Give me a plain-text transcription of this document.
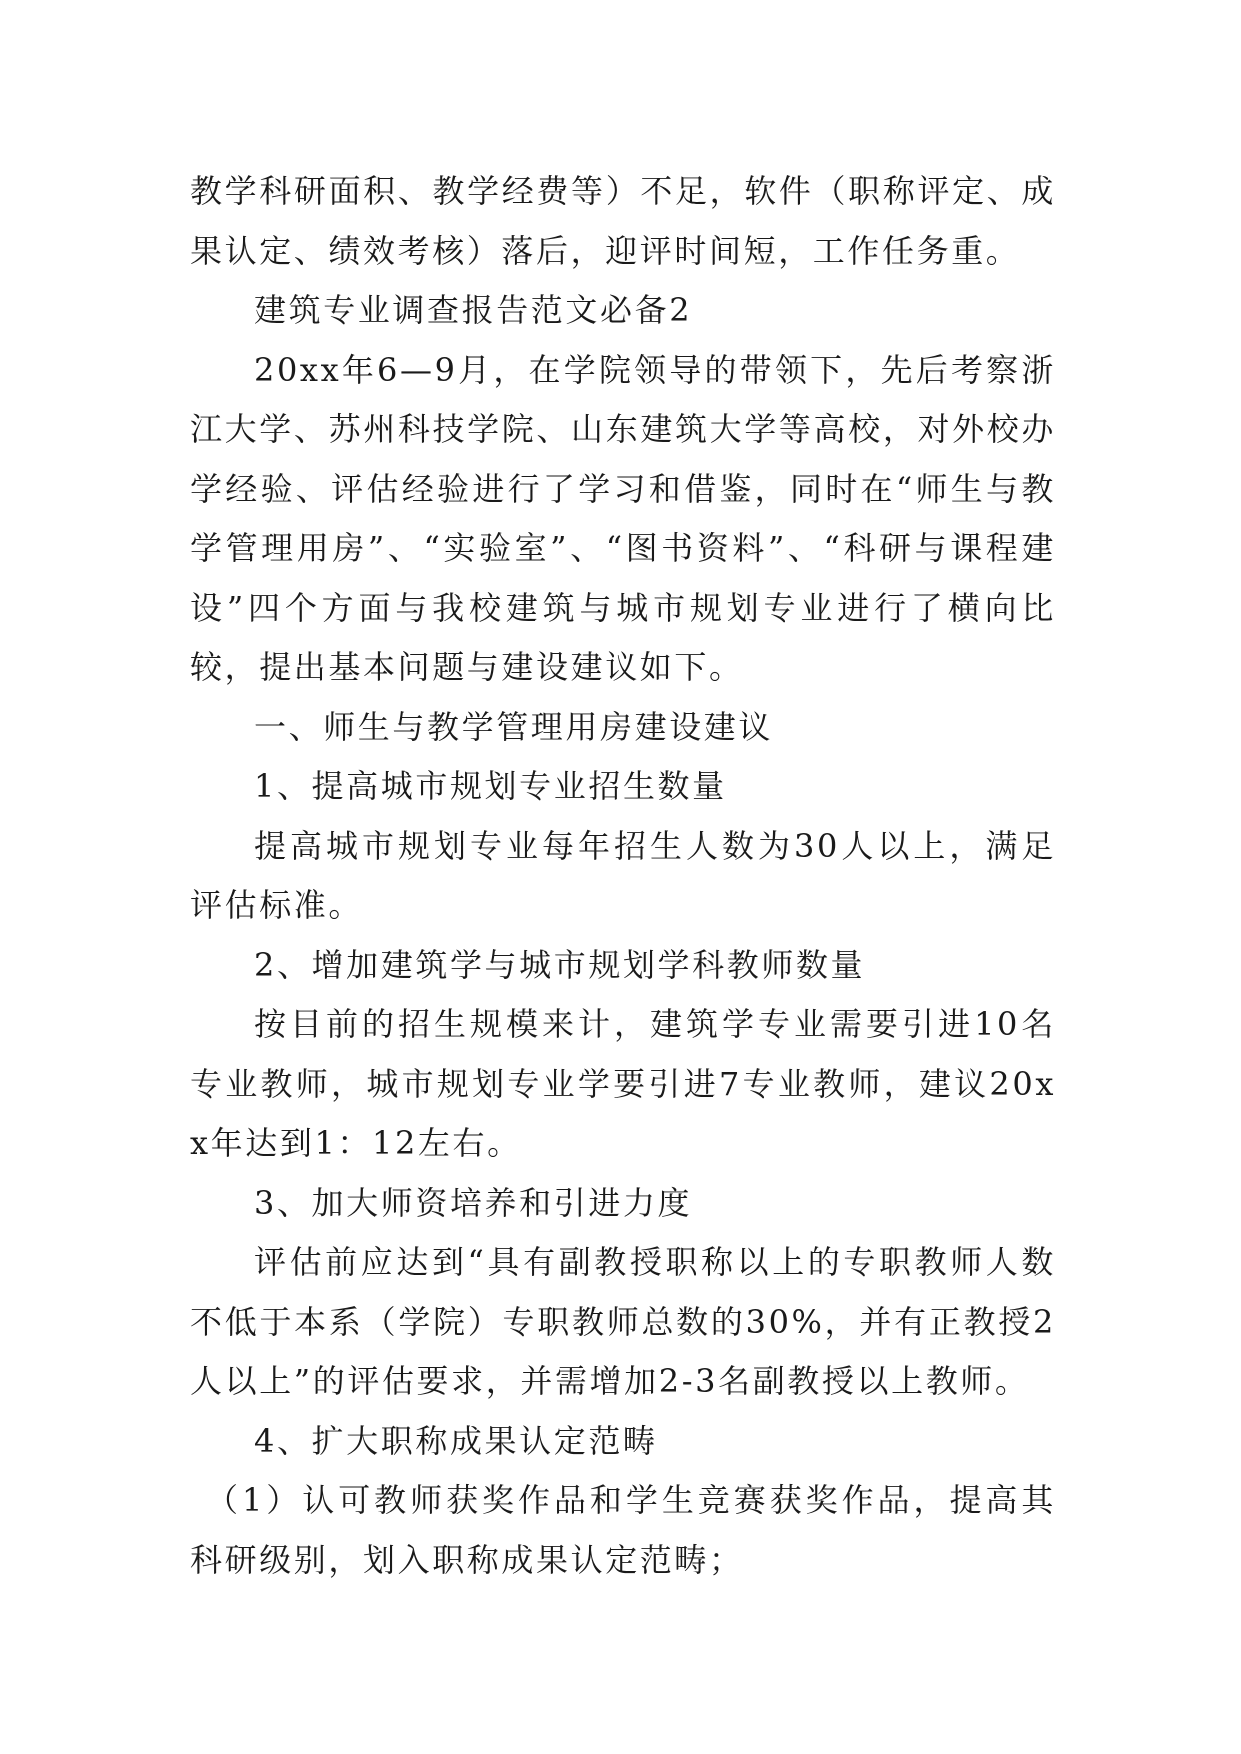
教学科研面积、教学经费等）不足，软件（职称评定、成果认定、绩效考核）落后，迎评时间短，工作任务重。

建筑专业调查报告范文必备2

20xx年6—9月，在学院领导的带领下，先后考察浙江大学、苏州科技学院、山东建筑大学等高校，对外校办学经验、评估经验进行了学习和借鉴，同时在“师生与教学管理用房”、“实验室”、“图书资料”、“科研与课程建设”四个方面与我校建筑与城市规划专业进行了横向比较，提出基本问题与建设建议如下。

一、师生与教学管理用房建设建议

1、提高城市规划专业招生数量

提高城市规划专业每年招生人数为30人以上，满足评估标准。

2、增加建筑学与城市规划学科教师数量

按目前的招生规模来计，建筑学专业需要引进10名专业教师，城市规划专业学要引进7专业教师，建议20xx年达到1：12左右。

3、加大师资培养和引进力度

评估前应达到“具有副教授职称以上的专职教师人数不低于本系（学院）专职教师总数的30%，并有正教授2人以上”的评估要求，并需增加2-3名副教授以上教师。

4、扩大职称成果认定范畴

（1）认可教师获奖作品和学生竞赛获奖作品，提高其科研级别，划入职称成果认定范畴；
